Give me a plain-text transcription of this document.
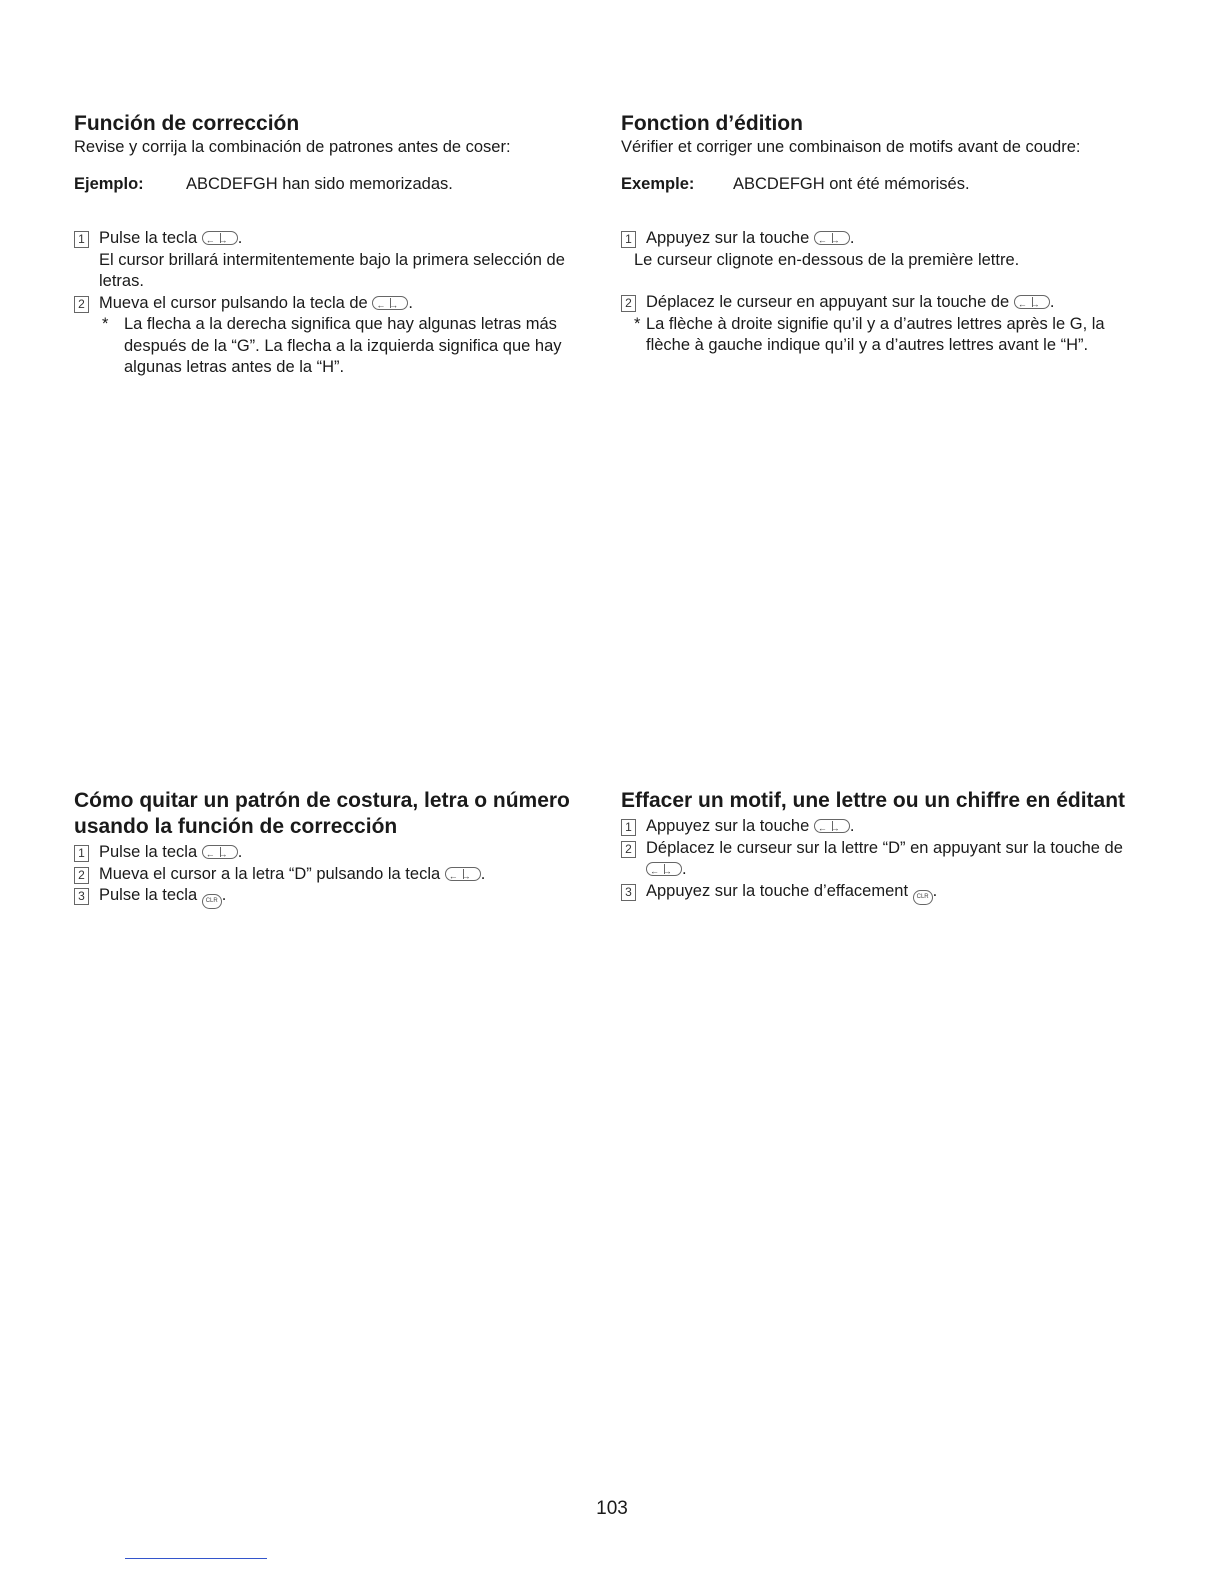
Función de corrección
Revise y corrija la combinación de patrones antes de coser:
Ejemplo:	ABCDEFGH han sido memorizadas.
1 Pulse la tecla ← → .
El cursor brillará intermitentemente bajo la primera selección de letras.
2 Mueva el cursor pulsando la tecla de ← → .
* La flecha a la derecha significa que hay algunas letras más después de la “G”. La flecha a la izquierda significa que hay algunas letras antes de la “H”.
Fonction d’édition
Vérifier et corriger une combinaison de motifs avant de coudre:
Exemple:	ABCDEFGH ont été mémorisés.
1 Appuyez sur la touche ← → .
Le curseur clignote en-dessous de la première lettre.
2 Déplacez le curseur en appuyant sur la touche de ← → .
* La flèche à droite signifie qu’il y a d’autres lettres après le G, la flèche à gauche indique qu’il y a d’autres lettres avant le “H”.
Cómo quitar un patrón de costura, letra o número usando la función de corrección
1 Pulse la tecla ← → .
2 Mueva el cursor a la letra “D” pulsando la tecla ← → .
3 Pulse la tecla CLR .
Effacer un motif, une lettre ou un chiffre en éditant
1 Appuyez sur la touche ← → .
2 Déplacez le curseur sur la lettre “D” en appuyant sur la touche de ← →.
3 Appuyez sur la touche d’effacement CLR .
103
